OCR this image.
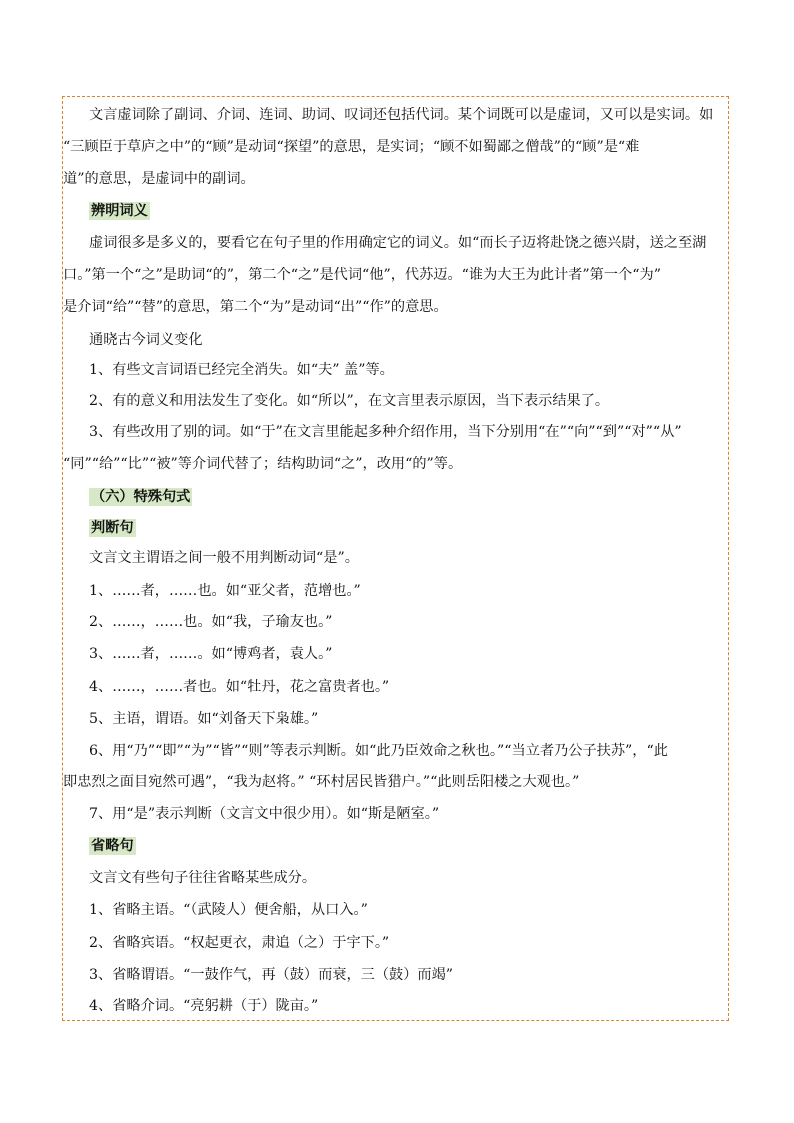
文言虚词除了副词、介词、连词、助词、叹词还包括代词。某个词既可以是虚词，又可以是实词。如
“三顾臣于草庐之中”的“顾”是动词“探望”的意思，是实词；“顾不如蜀鄙之僧哉”的“顾”是“难
道”的意思，是虚词中的副词。
辨明词义
虚词很多是多义的，要看它在句子里的作用确定它的词义。如“而长子迈将赴饶之德兴尉，送之至湖
口。”第一个“之”是助词“的”，第二个“之”是代词“他”，代苏迈。“谁为大王为此计者”第一个“为”
是介词“给”“替”的意思，第二个“为”是动词“出”“作”的意思。
通晓古今词义变化
1、有些文言词语已经完全消失。如“夫” 盖”等。
2、有的意义和用法发生了变化。如“所以”，在文言里表示原因，当下表示结果了。
3、有些改用了别的词。如“于”在文言里能起多种介绍作用，当下分别用“在”“向”“到”“对”“从”
“同”“给”“比”“被”等介词代替了；结构助词“之”，改用“的”等。
（六）特殊句式
判断句
文言文主谓语之间一般不用判断动词“是”。
1、……者，……也。如“亚父者，范增也。”
2、……，……也。如“我，子瑜友也。”
3、……者，……。如“博鸡者，袁人。”
4、……，……者也。如“牡丹，花之富贵者也。”
5、主语，谓语。如“刘备天下枭雄。”
6、用“乃”“即”“为”“皆”“则”等表示判断。如“此乃臣效命之秋也。”“当立者乃公子扶苏”，“此
即忠烈之面目宛然可遇”，“我为赵将。” “环村居民皆猎户。”“此则岳阳楼之大观也。”
7、用“是”表示判断（文言文中很少用）。如“斯是陋室。”
省略句
文言文有些句子往往省略某些成分。
1、省略主语。“（武陵人）便舍船，从口入。”
2、省略宾语。“权起更衣，肃追（之）于宇下。”
3、省略谓语。“一鼓作气，再（鼓）而衰，三（鼓）而竭”
4、省略介词。“亮躬耕（于）陇亩。”
